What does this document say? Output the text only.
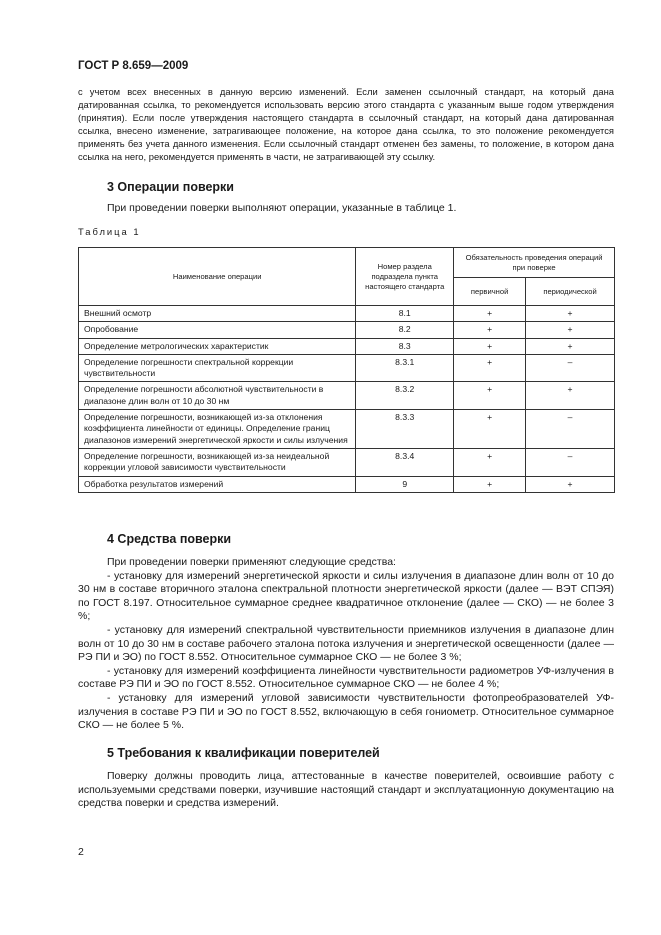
ГОСТ Р 8.659—2009
с учетом всех внесенных в данную версию изменений. Если заменен ссылочный стандарт, на который дана датированная ссылка, то рекомендуется использовать версию этого стандарта с указанным выше годом утверждения (принятия). Если после утверждения настоящего стандарта в ссылочный стандарт, на который дана датированная ссылка, внесено изменение, затрагивающее положение, на которое дана ссылка, то это положение рекомендуется применять без учета данного изменения. Если ссылочный стандарт отменен без замены, то положение, в котором дана ссылка на него, рекомендуется применять в части, не затрагивающей эту ссылку.
3 Операции поверки
При проведении поверки выполняют операции, указанные в таблице 1.
Таблица 1
Наименование операции	Номер раздела подраздела пункта настоящего стандарта	Обязательность проведения операций при поверке	
		первичной	периодической
Внешний осмотр	8.1	+	+
Опробование	8.2	+	+
Определение метрологических характеристик	8.3	+	+
Определение погрешности спектральной коррекции чувствительности	8.3.1	+	–
Определение погрешности абсолютной чувствительности в диапазоне длин волн от 10 до 30 нм	8.3.2	+	+
Определение погрешности, возникающей из-за отклонения коэффициента линейности от единицы. Определение границ диапазонов измерений энергетической яркости и силы излучения	8.3.3	+	–
Определение погрешности, возникающей из-за неидеальной коррекции угловой зависимости чувствительности	8.3.4	+	–
Обработка результатов измерений	9	+	+
4 Средства поверки
При проведении поверки применяют следующие средства:
- установку для измерений энергетической яркости и силы излучения в диапазоне длин волн от 10 до 30 нм в составе вторичного эталона спектральной плотности энергетической яркости (далее — ВЭТ СПЭЯ) по ГОСТ 8.197. Относительное суммарное среднее квадратичное отклонение (далее — СКО) — не более 3 %;
- установку для измерений спектральной чувствительности приемников излучения в диапазоне длин волн от 10 до 30 нм в составе рабочего эталона потока излучения и энергетической освещенности (далее — РЭ ПИ и ЭО) по ГОСТ 8.552. Относительное суммарное СКО — не более 3 %;
- установку для измерений коэффициента линейности чувствительности радиометров УФ-излучения в составе РЭ ПИ и ЭО по ГОСТ 8.552. Относительное суммарное СКО — не более 4 %;
- установку для измерений угловой зависимости чувствительности фотопреобразователей УФ-излучения в составе РЭ ПИ и ЭО по ГОСТ 8.552, включающую в себя гониометр. Относительное суммарное СКО — не более 5 %.
5 Требования к квалификации поверителей
Поверку должны проводить лица, аттестованные в качестве поверителей, освоившие работу с используемыми средствами поверки, изучившие настоящий стандарт и эксплуатационную документацию на средства поверки и средства измерений.
2
